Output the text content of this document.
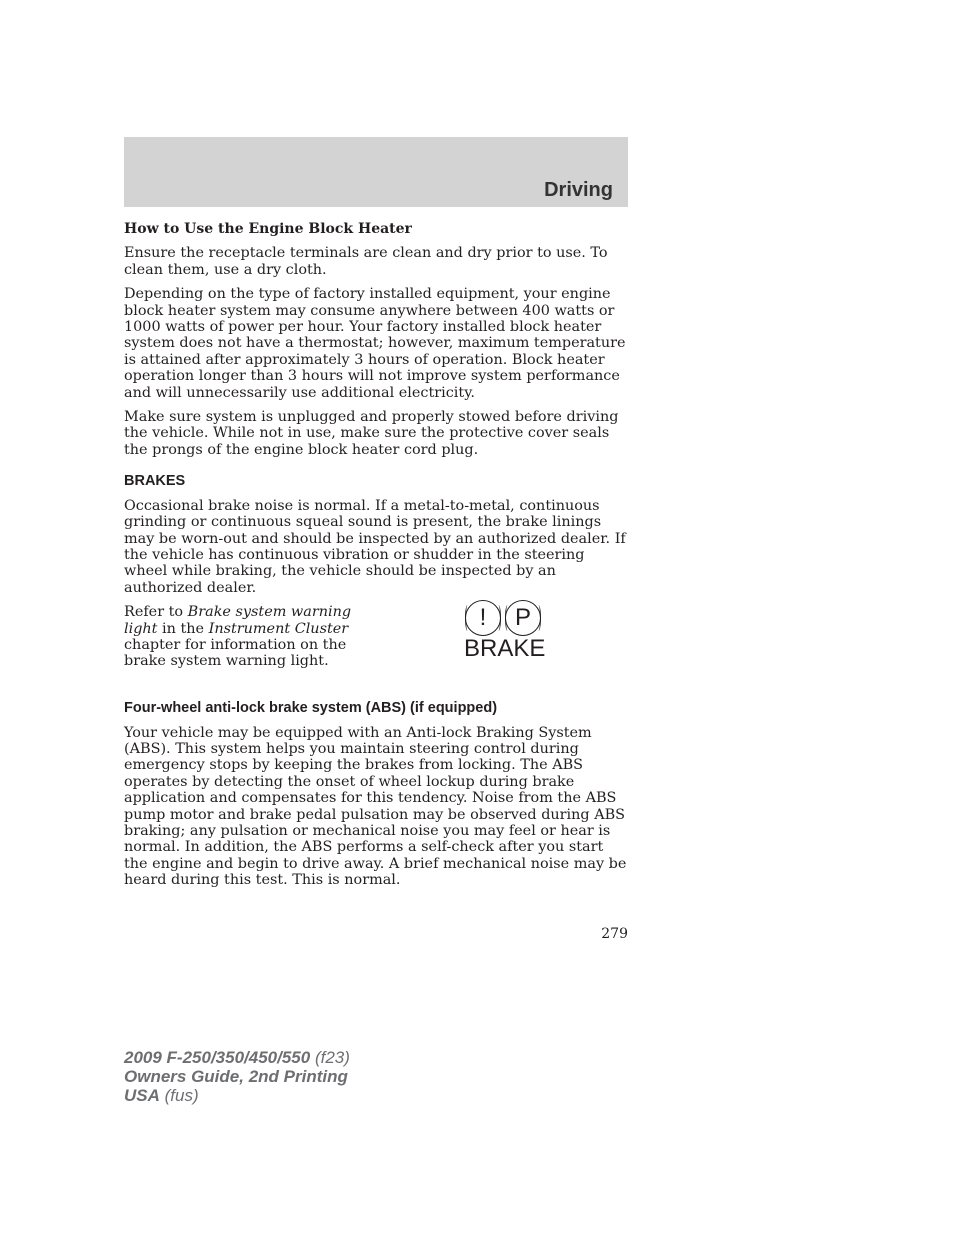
Driving
How to Use the Engine Block Heater

Ensure the receptacle terminals are clean and dry prior to use. To clean them, use a dry cloth.

Depending on the type of factory installed equipment, your engine block heater system may consume anywhere between 400 watts or 1000 watts of power per hour. Your factory installed block heater system does not have a thermostat; however, maximum temperature is attained after approximately 3 hours of operation. Block heater operation longer than 3 hours will not improve system performance and will unnecessarily use additional electricity.

Make sure system is unplugged and properly stowed before driving the vehicle. While not in use, make sure the protective cover seals the prongs of the engine block heater cord plug.

BRAKES

Occasional brake noise is normal. If a metal-to-metal, continuous grinding or continuous squeal sound is present, the brake linings may be worn-out and should be inspected by an authorized dealer. If the vehicle has continuous vibration or shudder in the steering wheel while braking, the vehicle should be inspected by an authorized dealer.

Refer to Brake system warning light in the Instrument Cluster chapter for information on the brake system warning light.
! P
BRAKE
Four-wheel anti-lock brake system (ABS) (if equipped)

Your vehicle may be equipped with an Anti-lock Braking System (ABS). This system helps you maintain steering control during emergency stops by keeping the brakes from locking. The ABS operates by detecting the onset of wheel lockup during brake application and compensates for this tendency. Noise from the ABS pump motor and brake pedal pulsation may be observed during ABS braking; any pulsation or mechanical noise you may feel or hear is normal. In addition, the ABS performs a self-check after you start the engine and begin to drive away. A brief mechanical noise may be heard during this test. This is normal.

279
2009 F-250/350/450/550 (f23)
Owners Guide, 2nd Printing
USA (fus)
